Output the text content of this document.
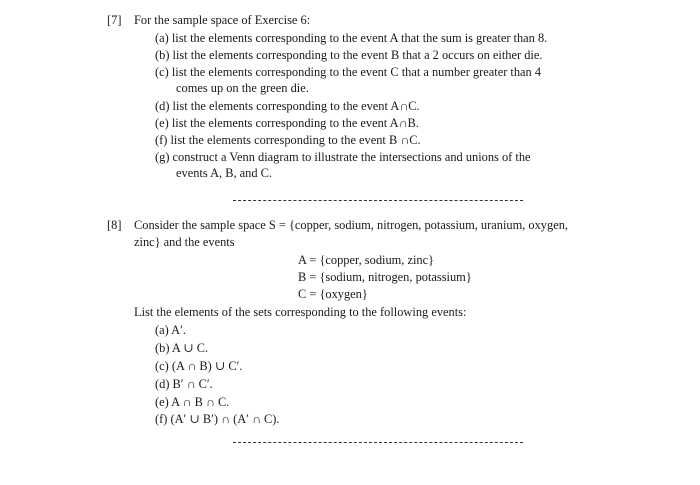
[7] For the sample space of Exercise 6:
(a) list the elements corresponding to the event A that the sum is greater than 8.
(b) list the elements corresponding to the event B that a 2 occurs on either die.
(c) list the elements corresponding to the event C that a number greater than 4
comes up on the green die.
(d) list the elements corresponding to the event A∩C.
(e) list the elements corresponding to the event A∩B.
(f) list the elements corresponding to the event B ∩C.
(g) construct a Venn diagram to illustrate the intersections and unions of the
events A, B, and C.
[8] Consider the sample space S = {copper, sodium, nitrogen, potassium, uranium, oxygen,
zinc} and the events
A = {copper, sodium, zinc}
B = {sodium, nitrogen, potassium}
C = {oxygen}
List the elements of the sets corresponding to the following events:
(a) A′.
(b) A ∪ C.
(c) (A ∩ B) ∪ C′.
(d) B′ ∩ C′.
(e) A ∩ B ∩ C.
(f) (A′ ∪ B′) ∩ (A′ ∩ C).
